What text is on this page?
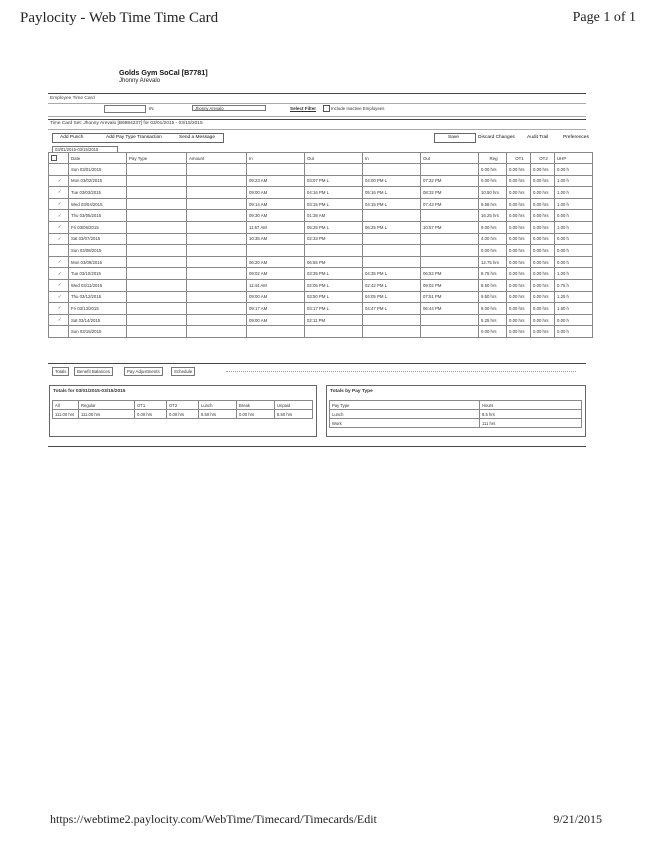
Paylocity - Web Time Time Card	Page 1 of 1
Golds Gym SoCal [B7781]
Jhonny Arevalo
Employee Time Card
IN	Jhonny Arevalo	Select Filter	Include Inactive Employees
Time Card Set: Jhonny Arevalo [B6884237] for 03/01/2015 - 03/15/2015
Add Punch	Add Pay Type Transaction	Send a Message	Save	Discard Changes	Audit Trail	Preferences
03/01/2015-03/15/2015
	Date	Pay Type	Amount	In	Out	In	Out	Reg	OT1	OT2	UHP
	Sun 03/01/2015							0.00 hrs	0.00 hrs	0.00 hrs	0.00 h
✓	Mon 03/02/2015			09:23 AM	03:07 PM L	04:00 PM L	07:32 PM	0.00 hrs	0.00 hrs	0.00 hrs	1.00 h
✓	Tue 03/03/2015			09:00 AM	04:16 PM L	05:16 PM L	08:32 PM	10.50 hrs	0.00 hrs	0.00 hrs	1.00 h
✓	Wed 03/04/2015			09:14 AM	03:15 PM L	04:15 PM L	07:43 PM	9.58 hrs	0.00 hrs	0.00 hrs	1.00 h
✓	Thu 03/05/2015			09:30 AM	01:38 AM			16.25 hrs	0.00 hrs	0.00 hrs	0.00 h
✓	Fri 03/06/2015			11:57 AM	05:25 PM L	06:25 PM L	10:57 PM	9.00 hrs	0.00 hrs	0.00 hrs	1.00 h
✓	Sat 03/07/2015			10:35 AM	02:33 PM			4.00 hrs	0.00 hrs	0.00 hrs	0.00 h
	Sun 03/08/2015							0.00 hrs	0.00 hrs	0.00 hrs	0.00 h
✓	Mon 03/09/2015			06:20 AM	06:55 PM			12.75 hrs	0.00 hrs	0.00 hrs	0.00 h
✓	Tue 03/10/2015			09:02 AM	03:35 PM L	04:35 PM L	06:52 PM	8.75 hrs	0.00 hrs	0.00 hrs	1.00 h
✓	Wed 03/11/2015			11:44 AM	02:05 PM L	02:42 PM L	09:02 PM	8.50 hrs	0.00 hrs	0.00 hrs	0.75 h
✓	Thu 03/12/2015			09:00 AM	03:50 PM L	04:05 PM L	07:51 PM	9.50 hrs	0.00 hrs	0.00 hrs	1.25 h
✓	Fri 03/13/2015			09:17 AM	03:17 PM L	04:47 PM L	06:44 PM	8.00 hrs	0.00 hrs	0.00 hrs	1.50 h
✓	Sat 03/14/2015			09:00 AM	02:11 PM			5.25 hrs	0.00 hrs	0.00 hrs	0.00 h
	Sun 03/15/2015							0.00 hrs	0.00 hrs	0.00 hrs	0.00 h
Totals	Benefit Balances	Pay Adjustments	Schedule
Totals for 03/01/2015-03/15/2015
All	Regular	OT1	OT2	Lunch	Break	Unpaid
111.00 hrs	111.00 hrs	0.00 hrs	0.00 hrs	8.50 hrs	0.00 hrs	8.50 hrs
Totals by Pay Type
Pay Type	Hours
Lunch	8.5 hrs
Work	111 hrs
https://webtime2.paylocity.com/WebTime/Timecard/Timecards/Edit	9/21/2015
